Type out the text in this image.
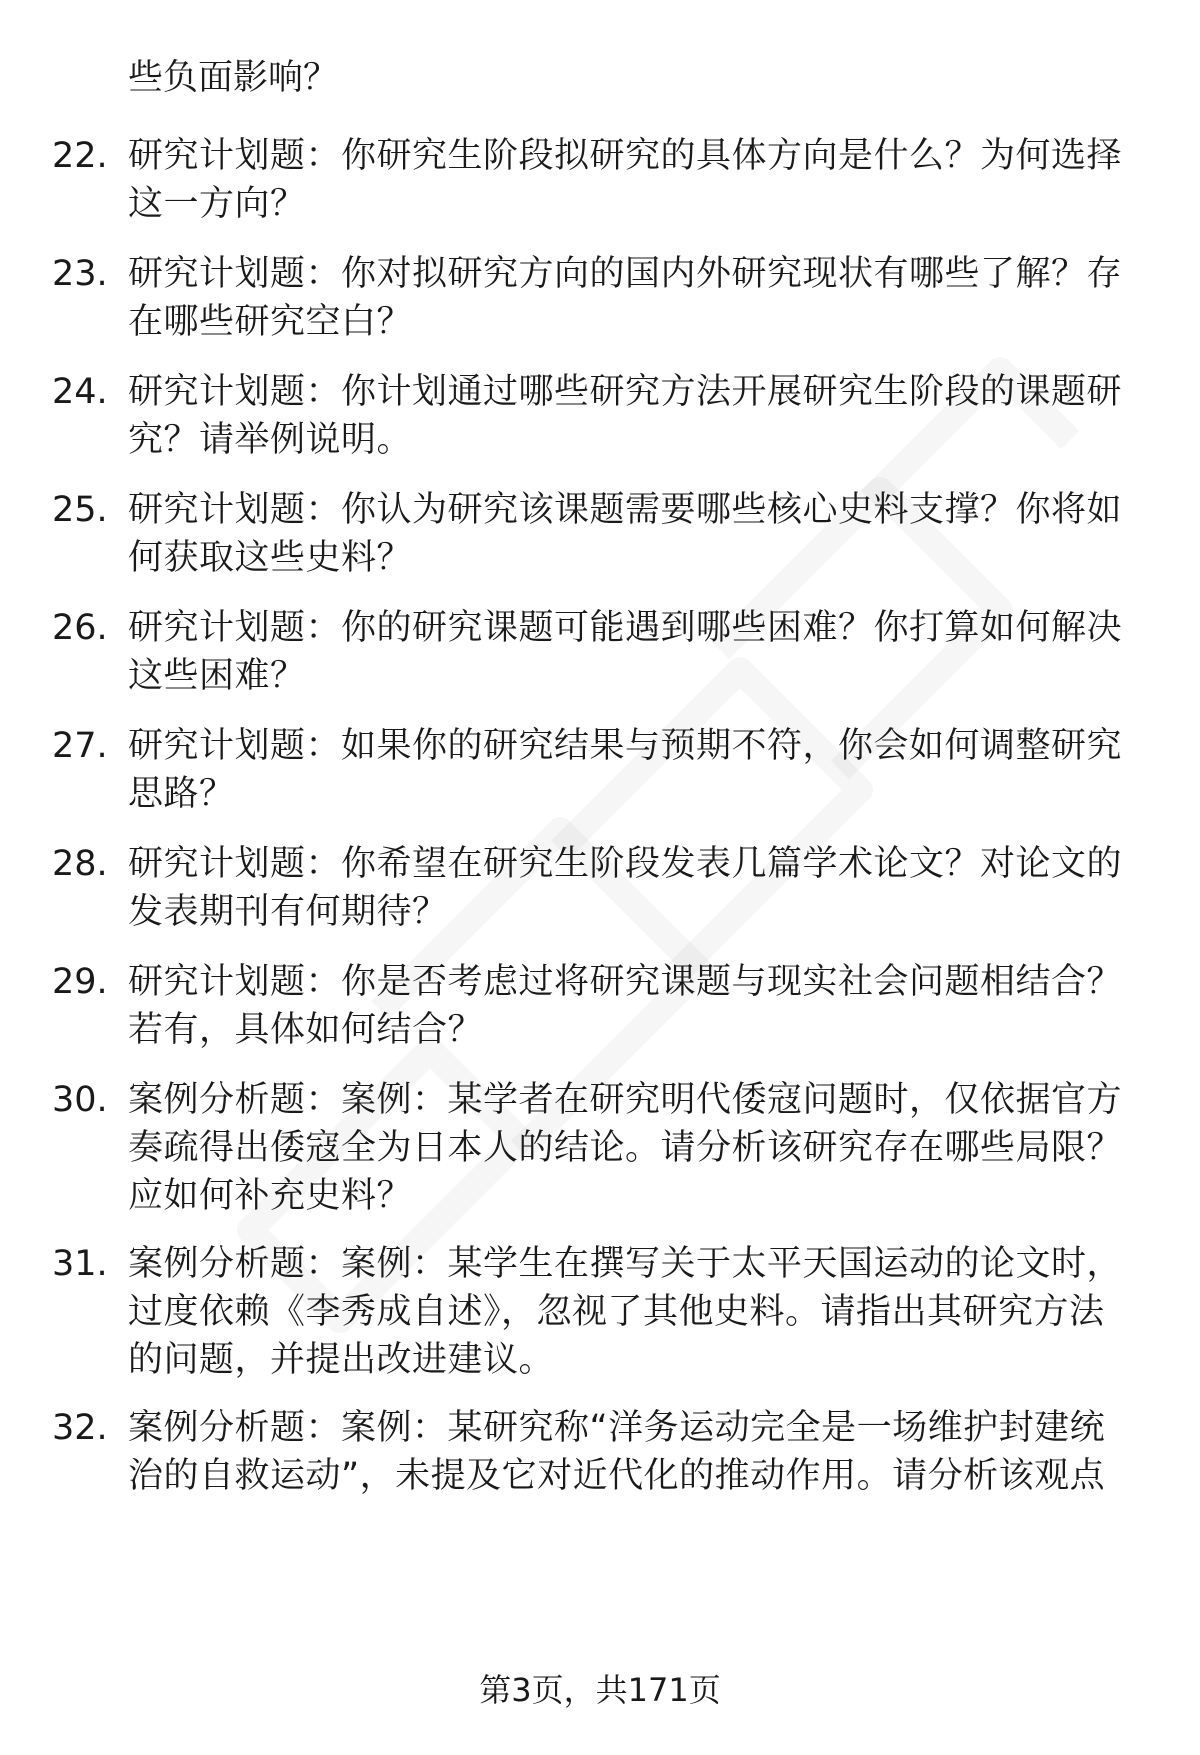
些负面影响？

22. 研究计划题：你研究生阶段拟研究的具体方向是什么？为何选择这一方向？

23. 研究计划题：你对拟研究方向的国内外研究现状有哪些了解？存在哪些研究空白？

24. 研究计划题：你计划通过哪些研究方法开展研究生阶段的课题研究？请举例说明。

25. 研究计划题：你认为研究该课题需要哪些核心史料支撑？你将如何获取这些史料？

26. 研究计划题：你的研究课题可能遇到哪些困难？你打算如何解决这些困难？

27. 研究计划题：如果你的研究结果与预期不符，你会如何调整研究思路？

28. 研究计划题：你希望在研究生阶段发表几篇学术论文？对论文的发表期刊有何期待？

29. 研究计划题：你是否考虑过将研究课题与现实社会问题相结合？若有，具体如何结合？

30. 案例分析题：案例：某学者在研究明代倭寇问题时，仅依据官方奏疏得出倭寇全为日本人的结论。请分析该研究存在哪些局限？应如何补充史料？

31. 案例分析题：案例：某学生在撰写关于太平天国运动的论文时，过度依赖《李秀成自述》，忽视了其他史料。请指出其研究方法的问题，并提出改进建议。

32. 案例分析题：案例：某研究称“洋务运动完全是一场维护封建统治的自救运动”，未提及它对近代化的推动作用。请分析该观点

第3页，共171页
